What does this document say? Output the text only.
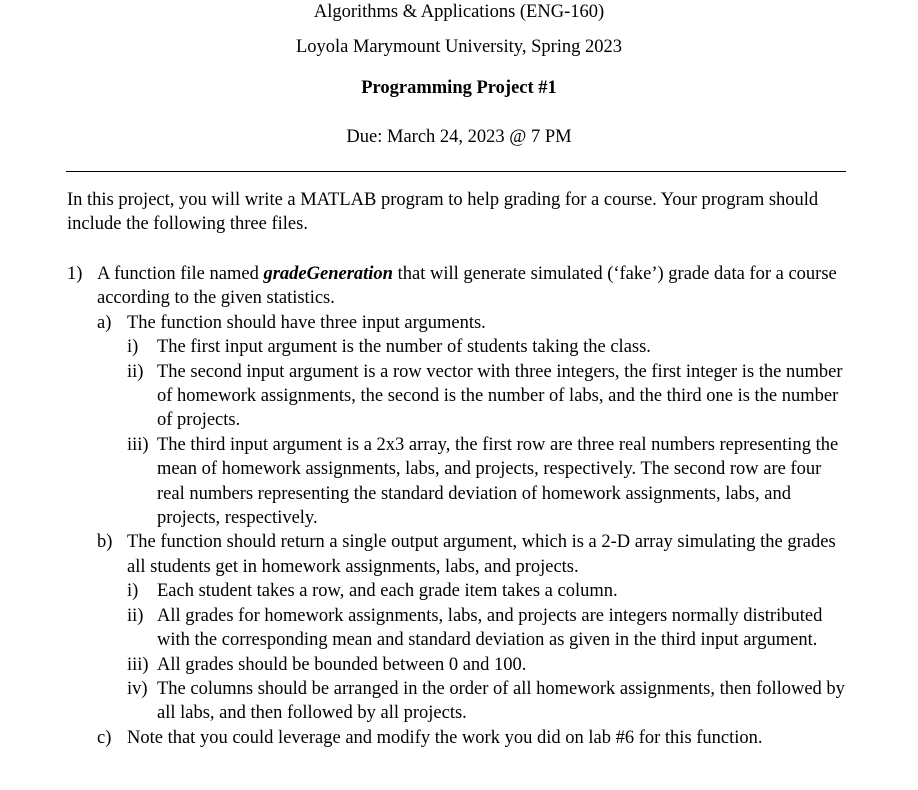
Algorithms & Applications (ENG-160)

Loyola Marymount University, Spring 2023

Programming Project #1

Due: March 24, 2023 @ 7 PM

In this project, you will write a MATLAB program to help grading for a course. Your program should include the following three files.

1) A function file named gradeGeneration that will generate simulated (‘fake’) grade data for a course according to the given statistics.

a) The function should have three input arguments.

i) The first input argument is the number of students taking the class.

ii) The second input argument is a row vector with three integers, the first integer is the number of homework assignments, the second is the number of labs, and the third one is the number of projects.

iii) The third input argument is a 2x3 array, the first row are three real numbers representing the mean of homework assignments, labs, and projects, respectively. The second row are four real numbers representing the standard deviation of homework assignments, labs, and projects, respectively.

b) The function should return a single output argument, which is a 2-D array simulating the grades all students get in homework assignments, labs, and projects.

i) Each student takes a row, and each grade item takes a column.

ii) All grades for homework assignments, labs, and projects are integers normally distributed with the corresponding mean and standard deviation as given in the third input argument.

iii) All grades should be bounded between 0 and 100.

iv) The columns should be arranged in the order of all homework assignments, then followed by all labs, and then followed by all projects.

c) Note that you could leverage and modify the work you did on lab #6 for this function.
